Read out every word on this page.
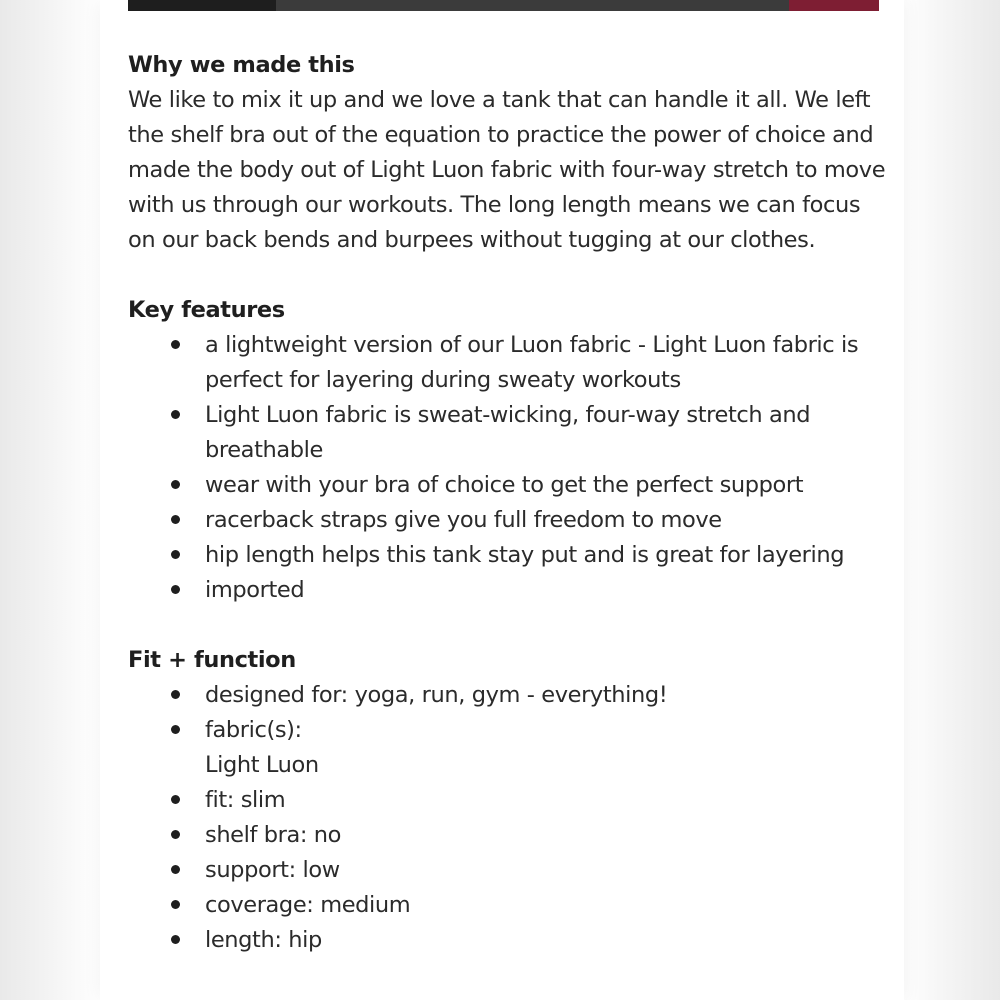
Why we made this

We like to mix it up and we love a tank that can handle it all. We left the shelf bra out of the equation to practice the power of choice and made the body out of Light Luon fabric with four-way stretch to move with us through our workouts. The long length means we can focus on our back bends and burpees without tugging at our clothes.

Key features
a lightweight version of our Luon fabric - Light Luon fabric is perfect for layering during sweaty workouts
Light Luon fabric is sweat-wicking, four-way stretch and breathable
wear with your bra of choice to get the perfect support
racerback straps give you full freedom to move
hip length helps this tank stay put and is great for layering
imported
Fit + function
designed for: yoga, run, gym - everything!
fabric(s):
Light Luon
fit: slim
shelf bra: no
support: low
coverage: medium
length: hip
